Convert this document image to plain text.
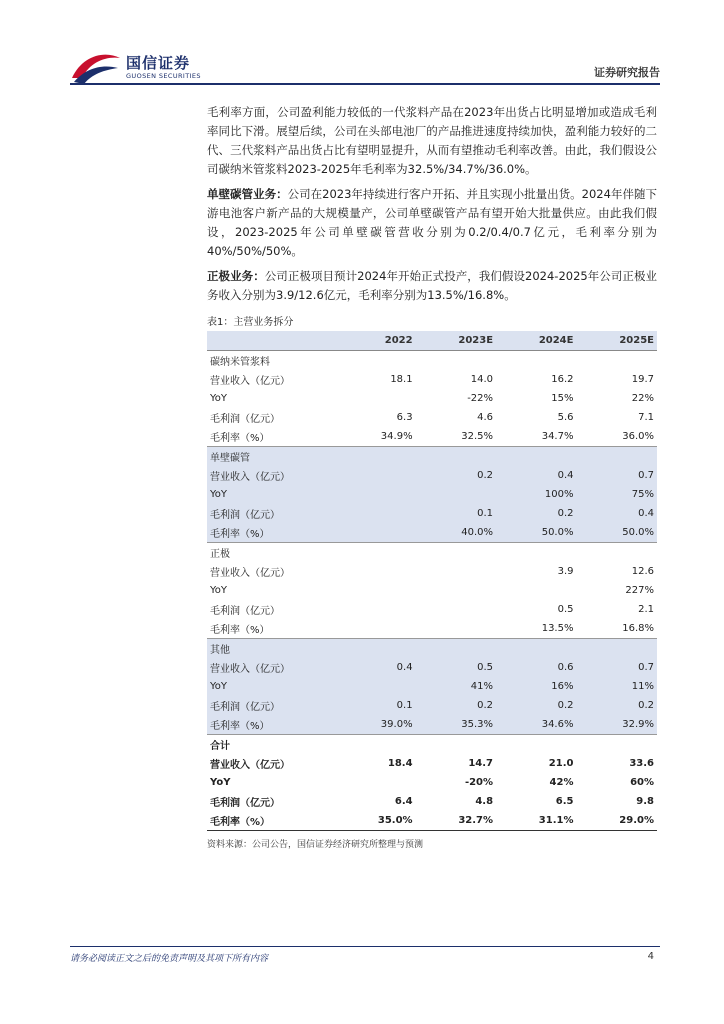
国信证券
GUOSEN SECURITIES	证券研究报告

毛利率方面，公司盈利能力较低的一代浆料产品在2023年出货占比明显增加或造成毛利率同比下滑。展望后续，公司在头部电池厂的产品推进速度持续加快，盈利能力较好的二代、三代浆料产品出货占比有望明显提升，从而有望推动毛利率改善。由此，我们假设公司碳纳米管浆料2023-2025年毛利率为32.5%/34.7%/36.0%。

单壁碳管业务：公司在2023年持续进行客户开拓、并且实现小批量出货。2024年伴随下游电池客户新产品的大规模量产，公司单壁碳管产品有望开始大批量供应。由此我们假设，2023-2025年公司单壁碳管营收分别为0.2/0.4/0.7亿元，毛利率分别为40%/50%/50%。

正极业务：公司正极项目预计2024年开始正式投产，我们假设2024-2025年公司正极业务收入分别为3.9/12.6亿元，毛利率分别为13.5%/16.8%。

表1：主营业务拆分
	2022	2023E	2024E	2025E
碳纳米管浆料				
营业收入（亿元）	18.1	14.0	16.2	19.7
YoY		-22%	15%	22%
毛利润（亿元）	6.3	4.6	5.6	7.1
毛利率（%）	34.9%	32.5%	34.7%	36.0%
单壁碳管				
营业收入（亿元）		0.2	0.4	0.7
YoY			100%	75%
毛利润（亿元）		0.1	0.2	0.4
毛利率（%）		40.0%	50.0%	50.0%
正极				
营业收入（亿元）			3.9	12.6
YoY				227%
毛利润（亿元）			0.5	2.1
毛利率（%）			13.5%	16.8%
其他				
营业收入（亿元）	0.4	0.5	0.6	0.7
YoY		41%	16%	11%
毛利润（亿元）	0.1	0.2	0.2	0.2
毛利率（%）	39.0%	35.3%	34.6%	32.9%
合计				
营业收入（亿元）	18.4	14.7	21.0	33.6
YoY		-20%	42%	60%
毛利润（亿元）	6.4	4.8	6.5	9.8
毛利率（%）	35.0%	32.7%	31.1%	29.0%
资料来源：公司公告，国信证券经济研究所整理与预测
请务必阅读正文之后的免责声明及其项下所有内容	4
